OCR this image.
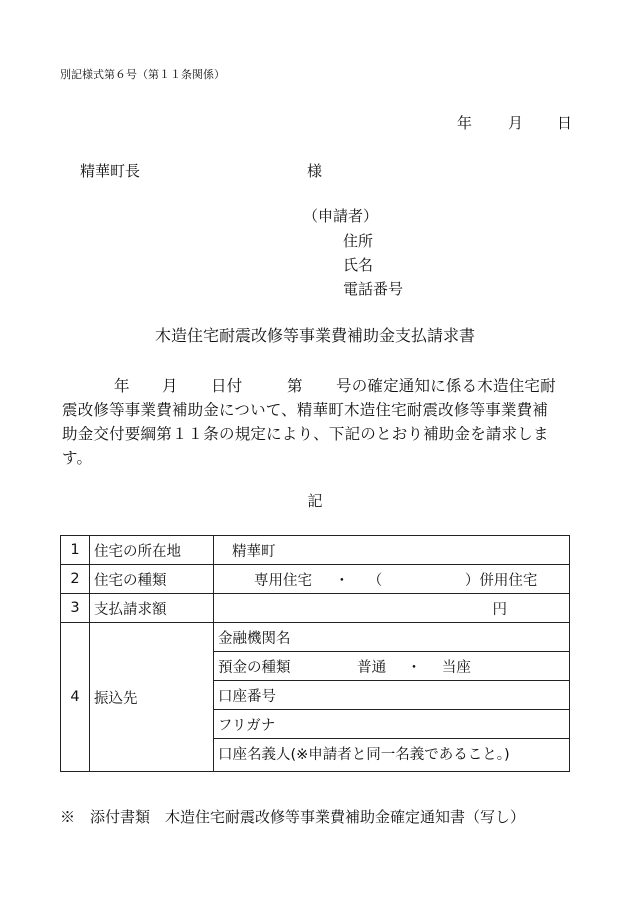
別記様式第６号（第１１条関係）
年 月 日
精華町長	様
（申請者）
住所
氏名
電話番号
木造住宅耐震改修等事業費補助金支払請求書
年 月 日付	第 号の確定通知に係る木造住宅耐
震改修等事業費補助金について、精華町木造住宅耐震改修等事業費補
助金交付要綱第１１条の規定により、下記のとおり補助金を請求しま
す。
記
1	住宅の所在地	精華町
2	住宅の種類	専用住宅 ・ （ ）併用住宅
3	支払請求額	円
4	振込先	金融機関名
		預金の種類 普通 ・ 当座
		口座番号
		フリガナ
		口座名義人(※申請者と同一名義であること。)
※　添付書類　木造住宅耐震改修等事業費補助金確定通知書（写し）
